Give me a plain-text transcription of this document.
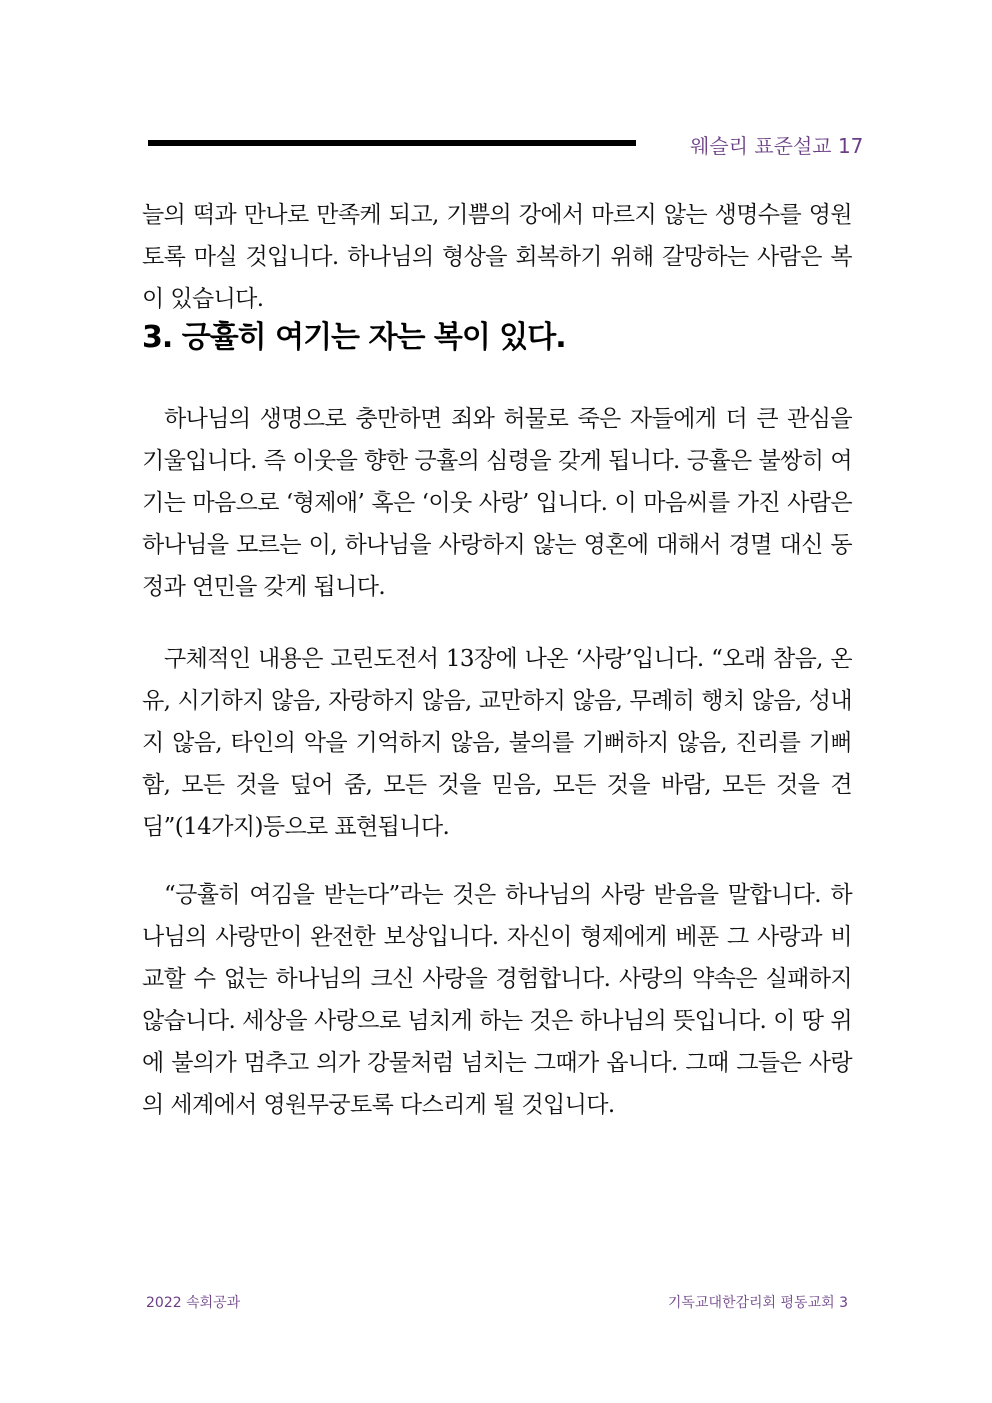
웨슬리 표준설교 17

늘의 떡과 만나로 만족케 되고, 기쁨의 강에서 마르지 않는 생명수를 영원토록 마실 것입니다. 하나님의 형상을 회복하기 위해 갈망하는 사람은 복이 있습니다.

3. 긍휼히 여기는 자는 복이 있다.

하나님의 생명으로 충만하면 죄와 허물로 죽은 자들에게 더 큰 관심을 기울입니다. 즉 이웃을 향한 긍휼의 심령을 갖게 됩니다. 긍휼은 불쌍히 여기는 마음으로 ‘형제애’ 혹은 ‘이웃 사랑’ 입니다. 이 마음씨를 가진 사람은 하나님을 모르는 이, 하나님을 사랑하지 않는 영혼에 대해서 경멸 대신 동정과 연민을 갖게 됩니다.

구체적인 내용은 고린도전서 13장에 나온 ‘사랑’입니다. “오래 참음, 온유, 시기하지 않음, 자랑하지 않음, 교만하지 않음, 무례히 행치 않음, 성내지 않음, 타인의 악을 기억하지 않음, 불의를 기뻐하지 않음, 진리를 기뻐함, 모든 것을 덮어 줌, 모든 것을 믿음, 모든 것을 바람, 모든 것을 견딤”(14가지)등으로 표현됩니다.

“긍휼히 여김을 받는다”라는 것은 하나님의 사랑 받음을 말합니다. 하나님의 사랑만이 완전한 보상입니다. 자신이 형제에게 베푼 그 사랑과 비교할 수 없는 하나님의 크신 사랑을 경험합니다. 사랑의 약속은 실패하지 않습니다. 세상을 사랑으로 넘치게 하는 것은 하나님의 뜻입니다. 이 땅 위에 불의가 멈추고 의가 강물처럼 넘치는 그때가 옵니다. 그때 그들은 사랑의 세계에서 영원무궁토록 다스리게 될 것입니다.

2022 속회공과	기독교대한감리회 평동교회 3
